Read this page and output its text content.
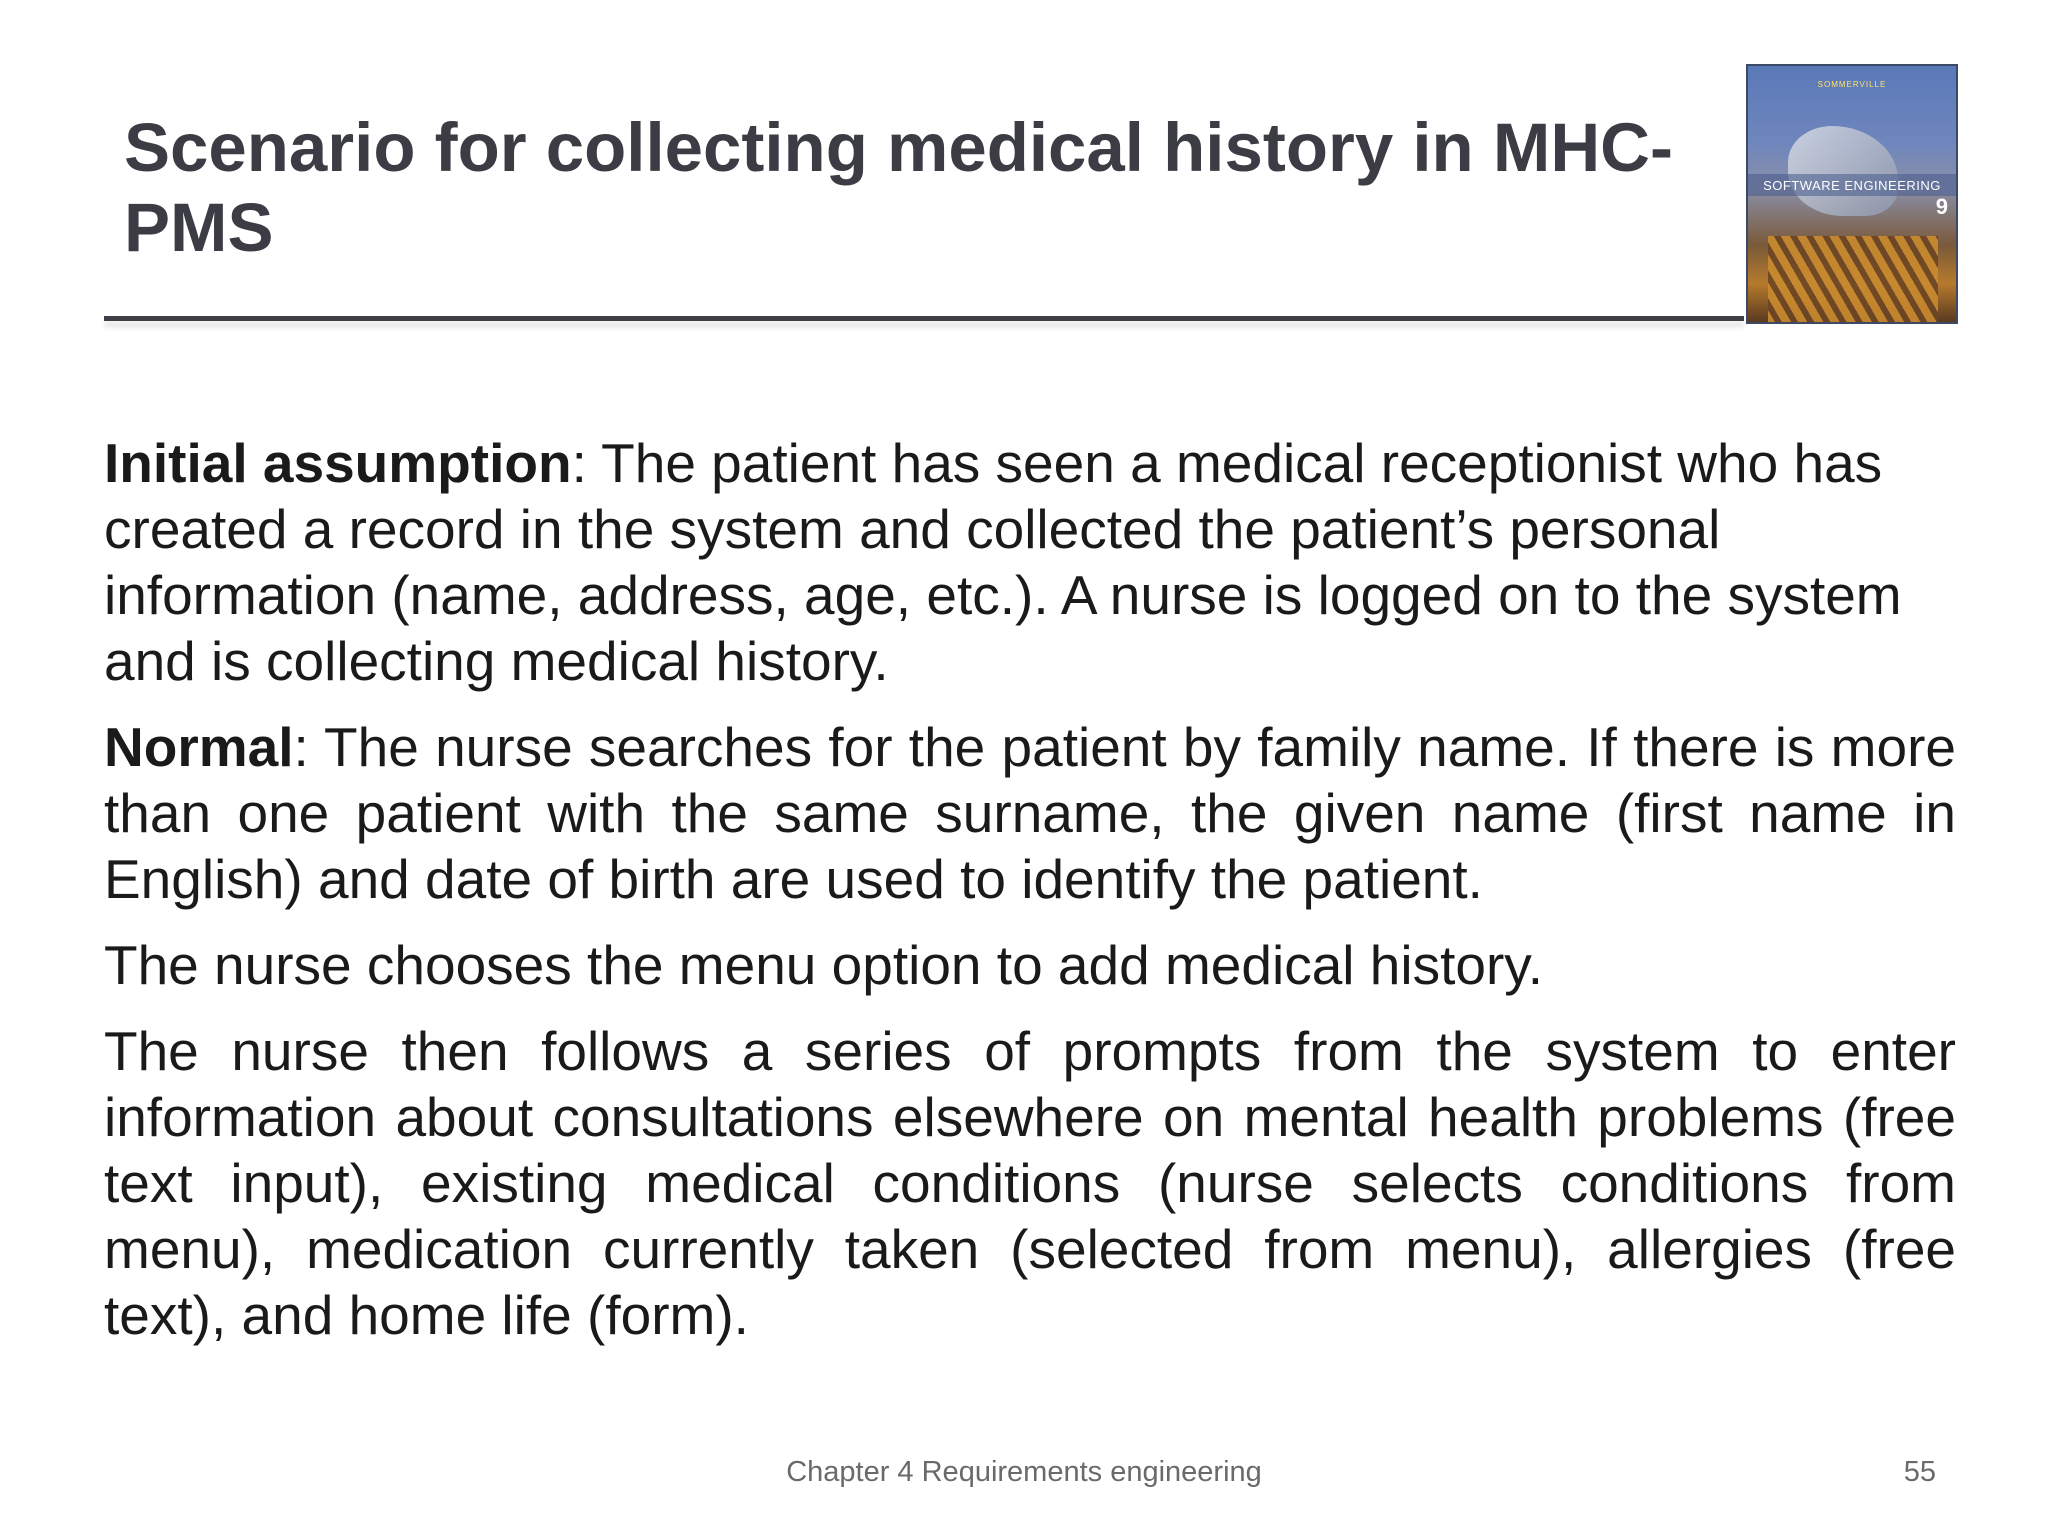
Scenario for collecting medical history in MHC-PMS
SOMMERVILLE
SOFTWARE ENGINEERING
9

Initial assumption: The patient has seen a medical receptionist who has created a record in the system and collected the patient’s personal information (name, address, age, etc.). A nurse is logged on to the system and is collecting medical history.

Normal: The nurse searches for the patient by family name. If there is more than one patient with the same surname, the given name (first name in English) and date of birth are used to identify the patient.

The nurse chooses the menu option to add medical history.

The nurse then follows a series of prompts from the system to enter information about consultations elsewhere on mental health problems (free text input), existing medical conditions (nurse selects conditions from menu), medication currently taken (selected from menu), allergies (free text), and home life (form).

Chapter 4 Requirements engineering	55
